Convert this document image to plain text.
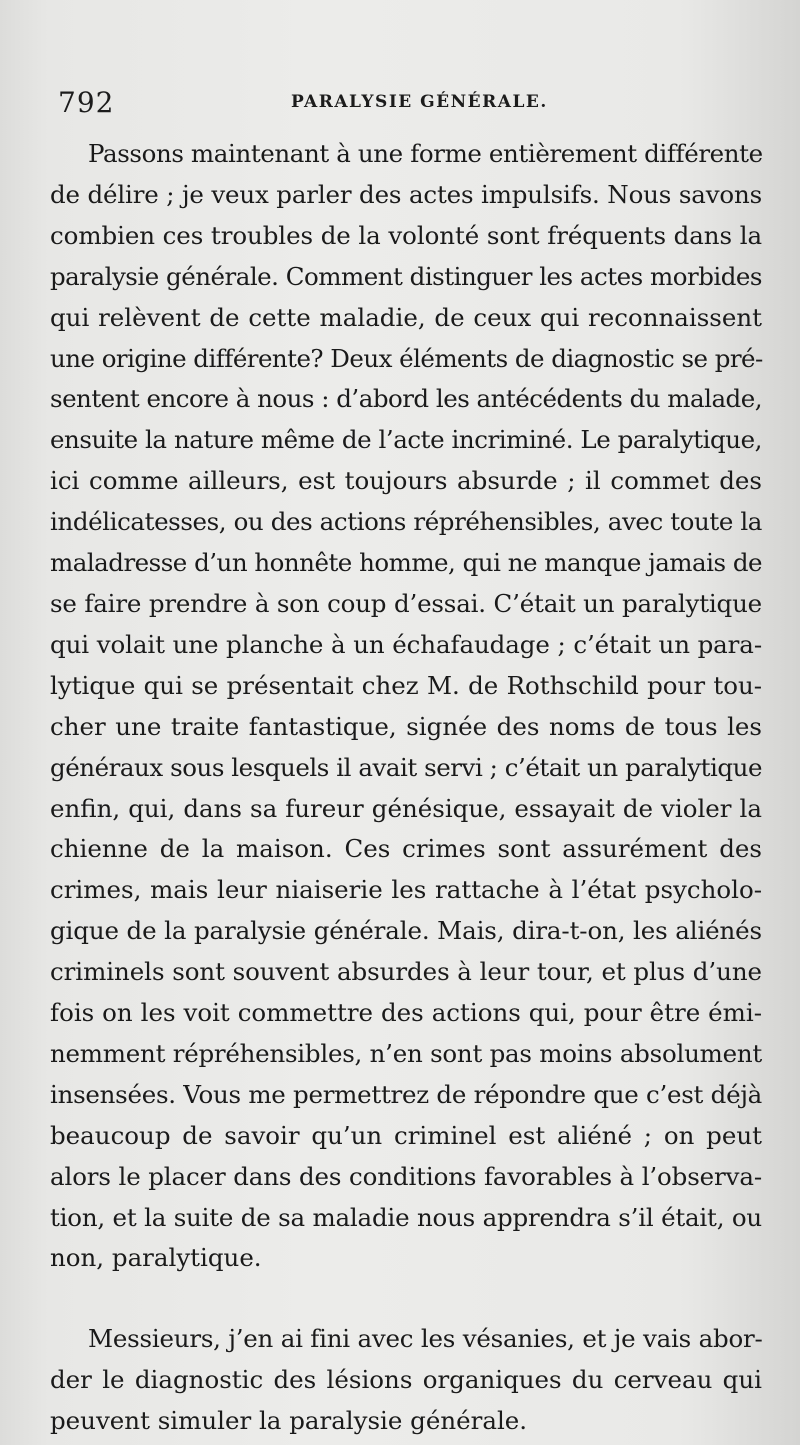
792	PARALYSIE GÉNÉRALE.
Passons maintenant à une forme entièrement différente
de délire ; je veux parler des actes impulsifs. Nous savons
combien ces troubles de la volonté sont fréquents dans la
paralysie générale. Comment distinguer les actes morbides
qui relèvent de cette maladie, de ceux qui reconnaissent
une origine différente? Deux éléments de diagnostic se pré-
sentent encore à nous : d’abord les antécédents du malade,
ensuite la nature même de l’acte incriminé. Le paralytique,
ici comme ailleurs, est toujours absurde ; il commet des
indélicatesses, ou des actions répréhensibles, avec toute la
maladresse d’un honnête homme, qui ne manque jamais de
se faire prendre à son coup d’essai. C’était un paralytique
qui volait une planche à un échafaudage ; c’était un para-
lytique qui se présentait chez M. de Rothschild pour tou-
cher une traite fantastique, signée des noms de tous les
généraux sous lesquels il avait servi ; c’était un paralytique
enfin, qui, dans sa fureur génésique, essayait de violer la
chienne de la maison. Ces crimes sont assurément des
crimes, mais leur niaiserie les rattache à l’état psycholo-
gique de la paralysie générale. Mais, dira-t-on, les aliénés
criminels sont souvent absurdes à leur tour, et plus d’une
fois on les voit commettre des actions qui, pour être émi-
nemment répréhensibles, n’en sont pas moins absolument
insensées. Vous me permettrez de répondre que c’est déjà
beaucoup de savoir qu’un criminel est aliéné ; on peut
alors le placer dans des conditions favorables à l’observa-
tion, et la suite de sa maladie nous apprendra s’il était, ou
non, paralytique.
Messieurs, j’en ai fini avec les vésanies, et je vais abor-
der le diagnostic des lésions organiques du cerveau qui
peuvent simuler la paralysie générale.
